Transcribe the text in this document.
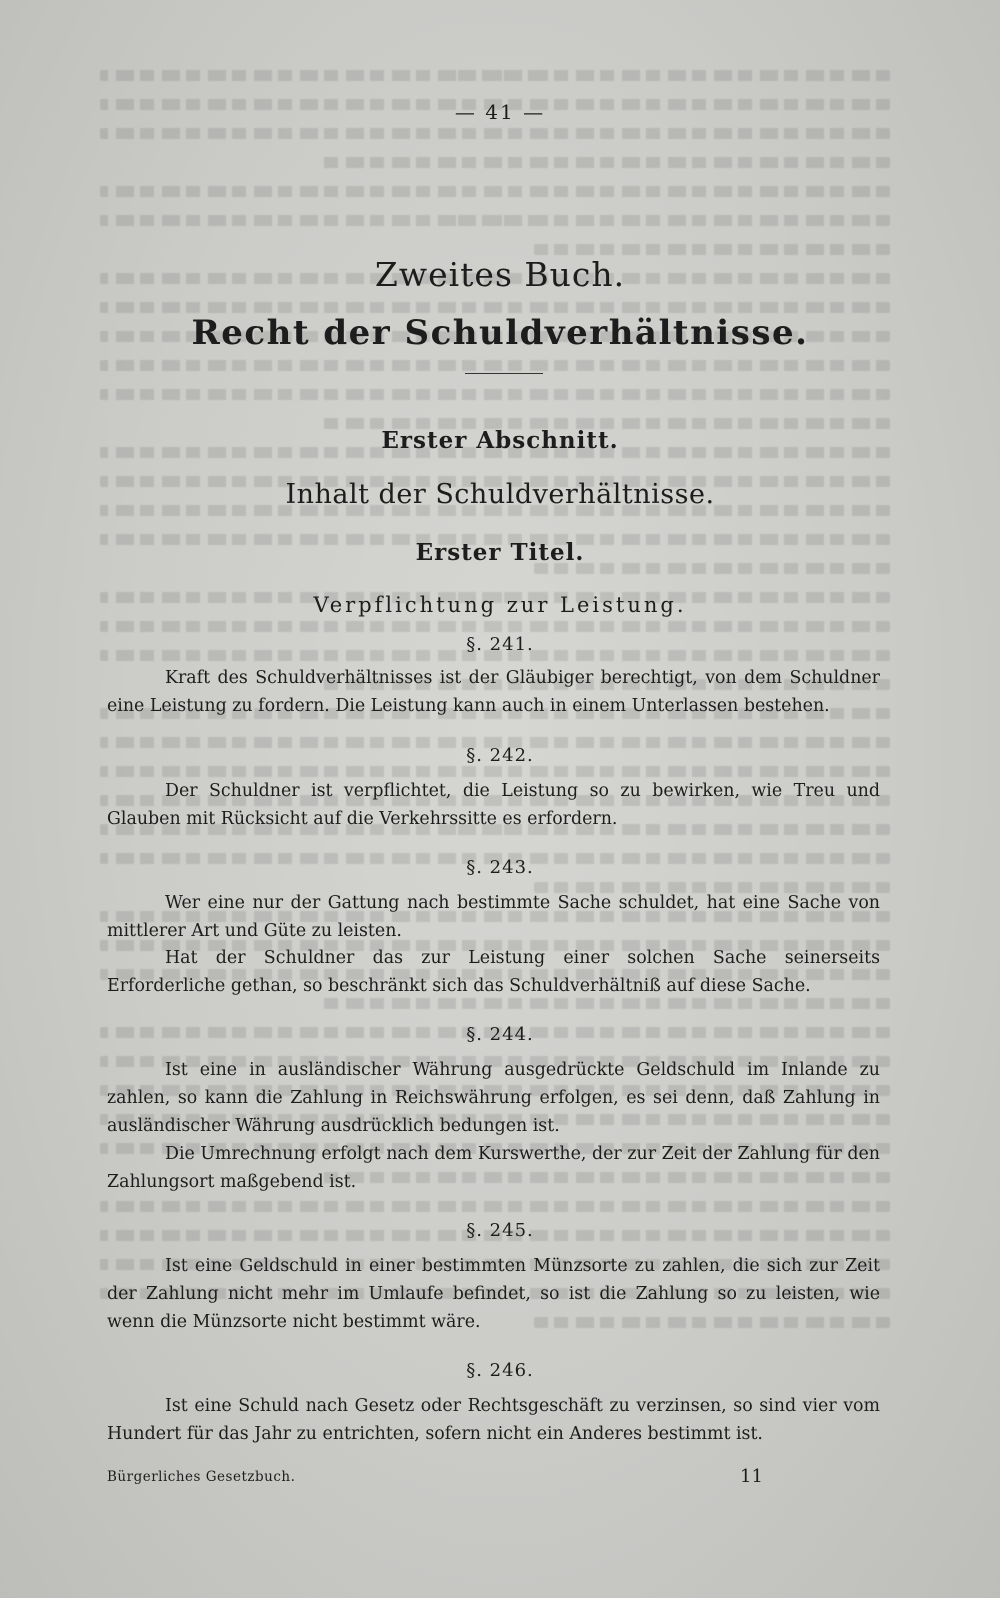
— 41 —
Zweites Buch.
Recht der Schuldverhältnisse.
Erster Abschnitt.
Inhalt der Schuldverhältnisse.
Erster Titel.
Verpflichtung zur Leistung.
§. 241.

Kraft des Schuldverhältnisses ist der Gläubiger berechtigt, von dem Schuldner eine Leistung zu fordern. Die Leistung kann auch in einem Unterlassen bestehen.

§. 242.

Der Schuldner ist verpflichtet, die Leistung so zu bewirken, wie Treu und Glauben mit Rücksicht auf die Verkehrssitte es erfordern.

§. 243.

Wer eine nur der Gattung nach bestimmte Sache schuldet, hat eine Sache von mittlerer Art und Güte zu leisten.

Hat der Schuldner das zur Leistung einer solchen Sache seinerseits Erforderliche gethan, so beschränkt sich das Schuldverhältniß auf diese Sache.

§. 244.

Ist eine in ausländischer Währung ausgedrückte Geldschuld im Inlande zu zahlen, so kann die Zahlung in Reichswährung erfolgen, es sei denn, daß Zahlung in ausländischer Währung ausdrücklich bedungen ist.

Die Umrechnung erfolgt nach dem Kurswerthe, der zur Zeit der Zahlung für den Zahlungsort maßgebend ist.

§. 245.

Ist eine Geldschuld in einer bestimmten Münzsorte zu zahlen, die sich zur Zeit der Zahlung nicht mehr im Umlaufe befindet, so ist die Zahlung so zu leisten, wie wenn die Münzsorte nicht bestimmt wäre.

§. 246.

Ist eine Schuld nach Gesetz oder Rechtsgeschäft zu verzinsen, so sind vier vom Hundert für das Jahr zu entrichten, sofern nicht ein Anderes bestimmt ist.

Bürgerliches Gesetzbuch.	11
